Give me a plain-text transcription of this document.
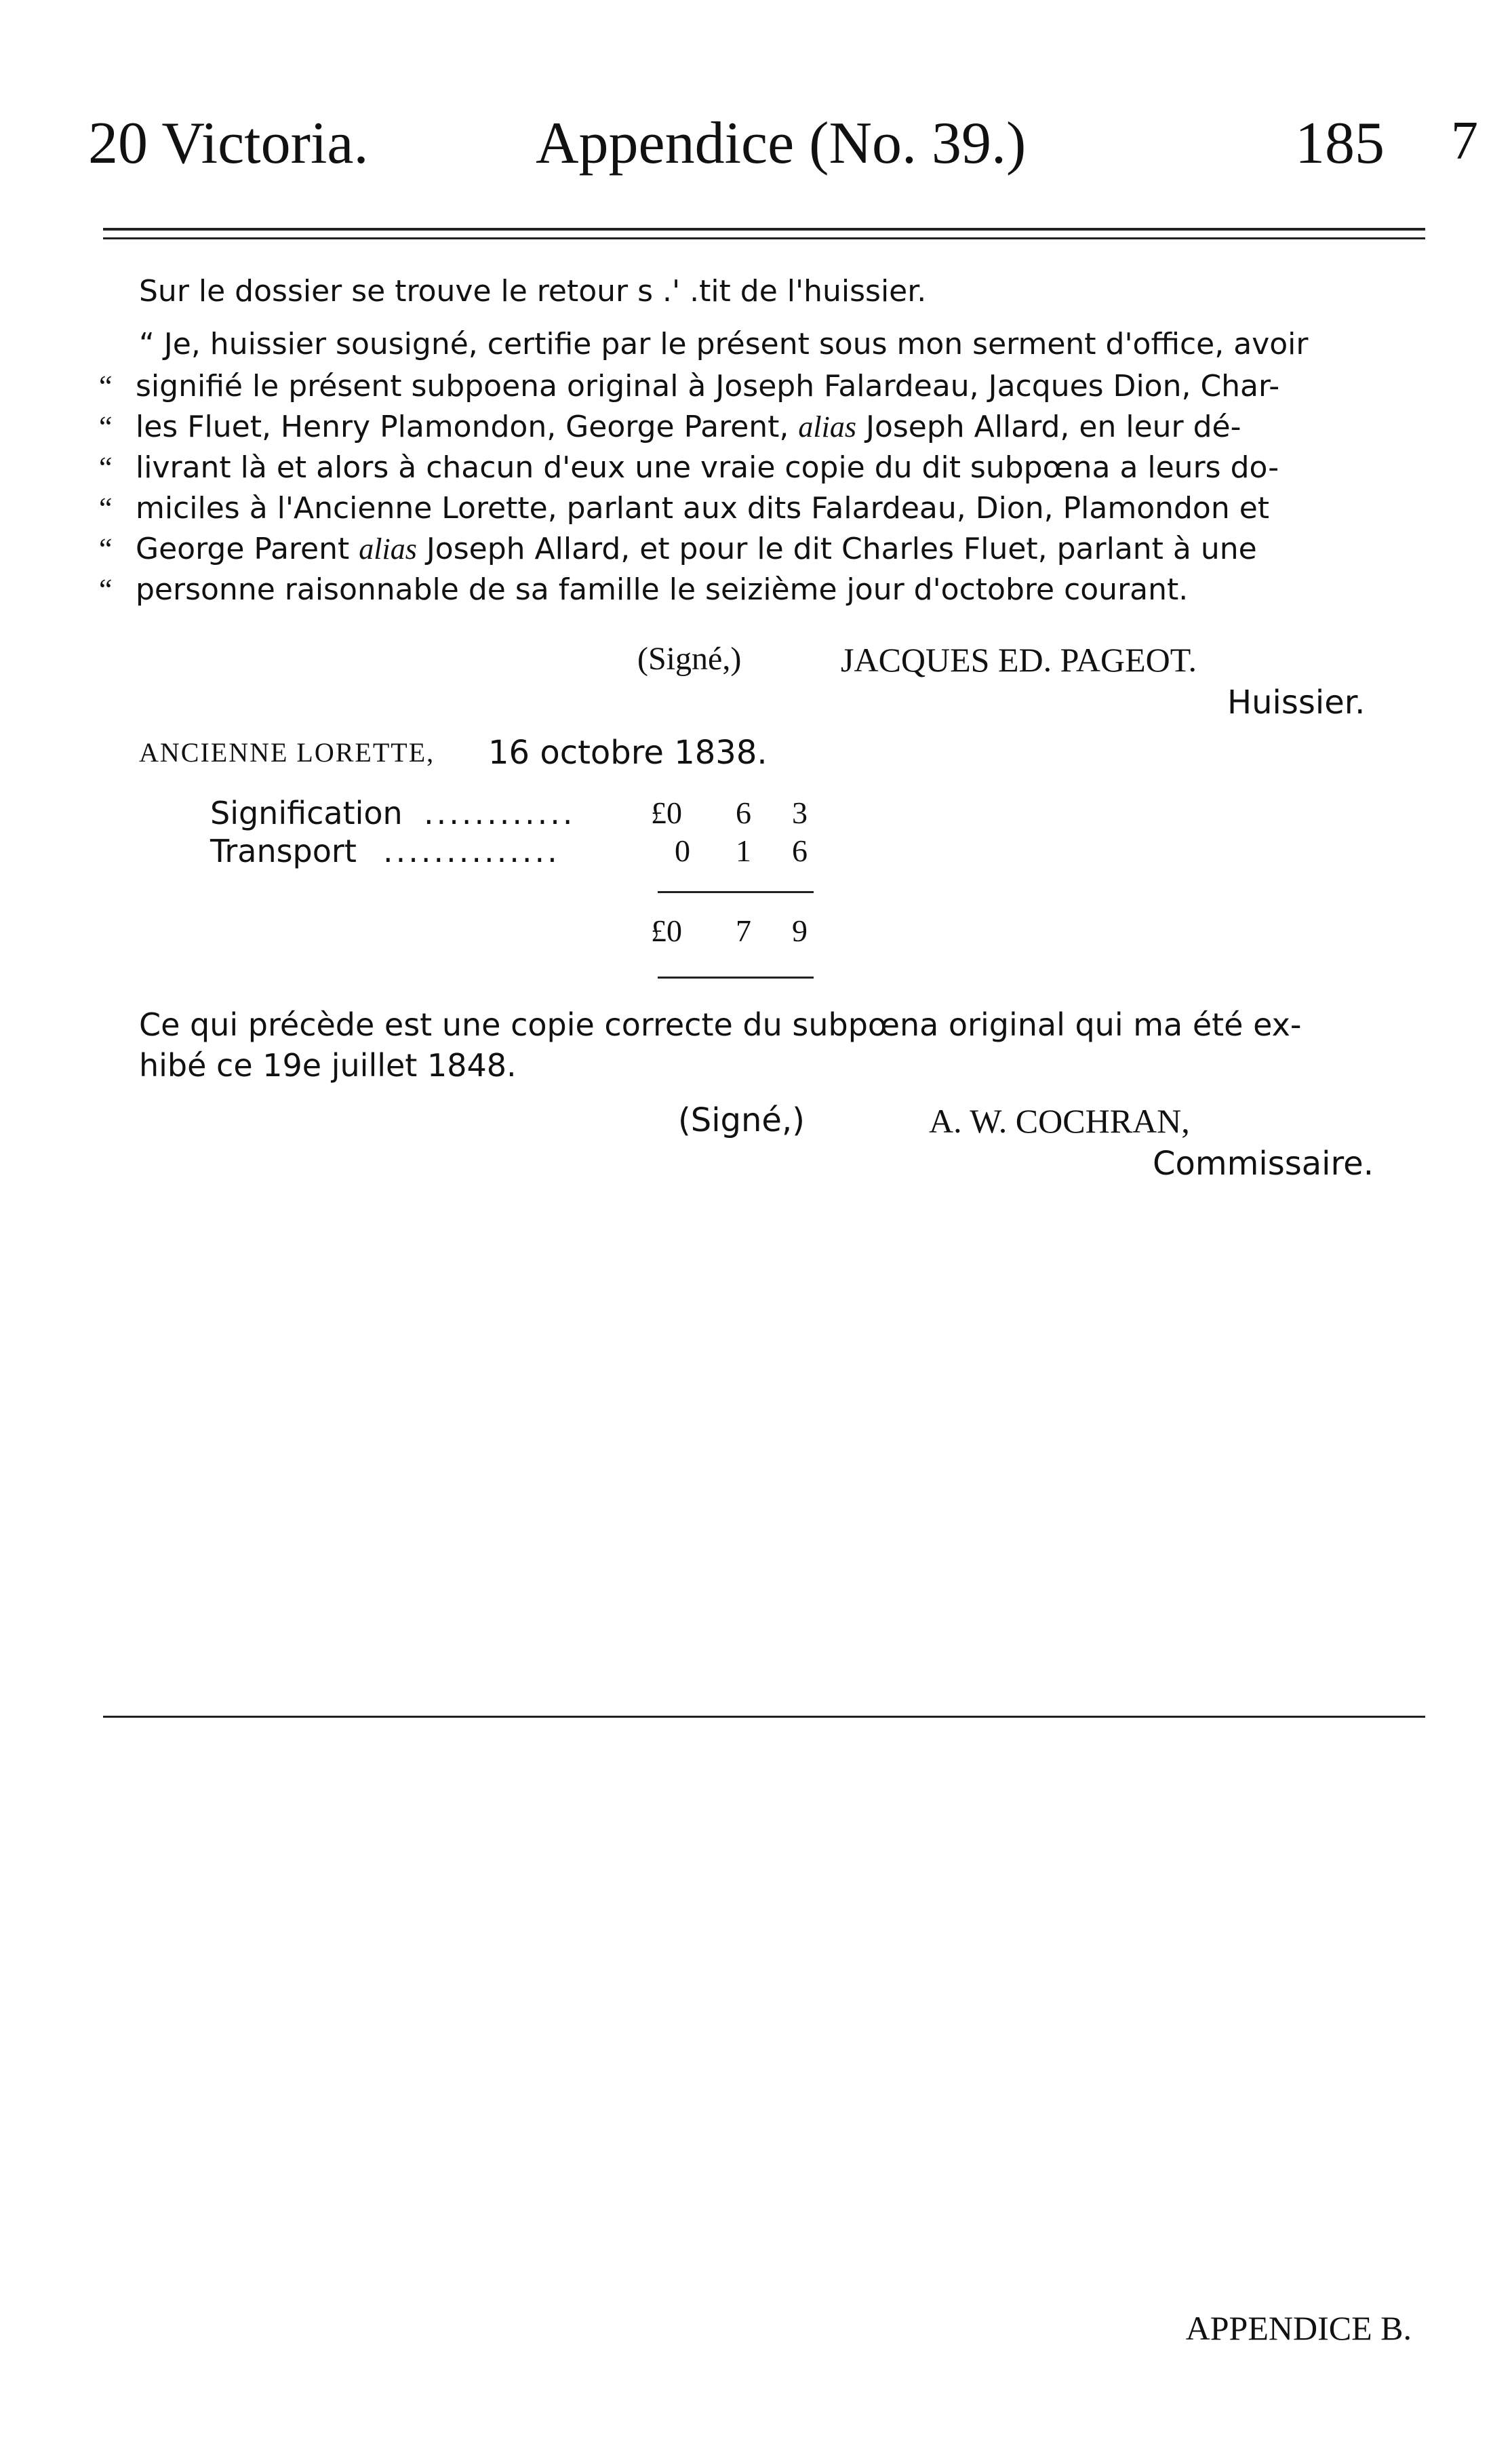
20 Victoria.	Appendice (No. 39.)	185 7
Sur le dossier se trouve le retour s .' .tit de l'huissier.
“ Je, huissier sousigné, certifie par le présent sous mon serment d'office, avoir
“ signifié le présent subpoena original à Joseph Falardeau, Jacques Dion, Char-
“ les Fluet, Henry Plamondon, George Parent, alias Joseph Allard, en leur dé-
“ livrant là et alors à chacun d'eux une vraie copie du dit subpœna a leurs do-
“ miciles à l'Ancienne Lorette, parlant aux dits Falardeau, Dion, Plamondon et
“ George Parent alias Joseph Allard, et pour le dit Charles Fluet, parlant à une
“ personne raisonnable de sa famille le seizième jour d'octobre courant.
(Signé,)	JACQUES ED. PAGEOT.
Huissier.
ANCIENNE LORETTE, 16 octobre 1838.
Signification ............ £0 6 3
Transport ..............	0 1 6
£0 7 9
Ce qui précède est une copie correcte du subpœna original qui ma été ex-
hibé ce 19e juillet 1848.
(Signé,)	A. W. COCHRAN,
Commissaire.
APPENDICE B.
